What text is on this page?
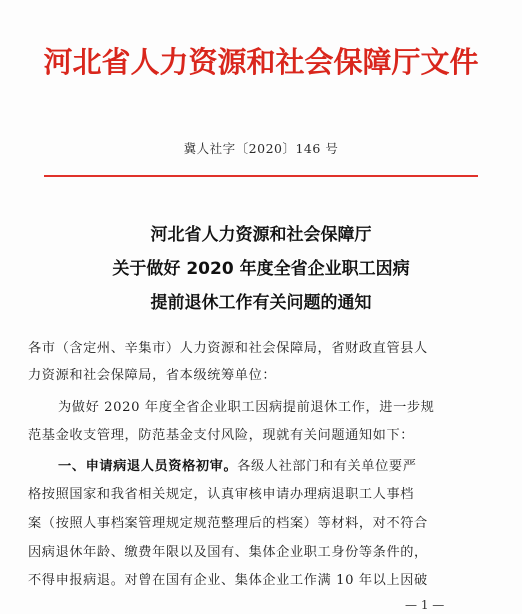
河北省人力资源和社会保障厅文件
冀人社字〔2020〕146 号
河北省人力资源和社会保障厅
关于做好 2020 年度全省企业职工因病
提前退休工作有关问题的通知
各市（含定州、辛集市）人力资源和社会保障局，省财政直管县人
力资源和社会保障局，省本级统筹单位：
为做好 2020 年度全省企业职工因病提前退休工作，进一步规
范基金收支管理，防范基金支付风险，现就有关问题通知如下：
一、申请病退人员资格初审。各级人社部门和有关单位要严
格按照国家和我省相关规定，认真审核申请办理病退职工人事档
案（按照人事档案管理规定规范整理后的档案）等材料，对不符合
因病退休年龄、缴费年限以及国有、集体企业职工身份等条件的，
不得申报病退。对曾在国有企业、集体企业工作满 10 年以上因破
— 1 —
